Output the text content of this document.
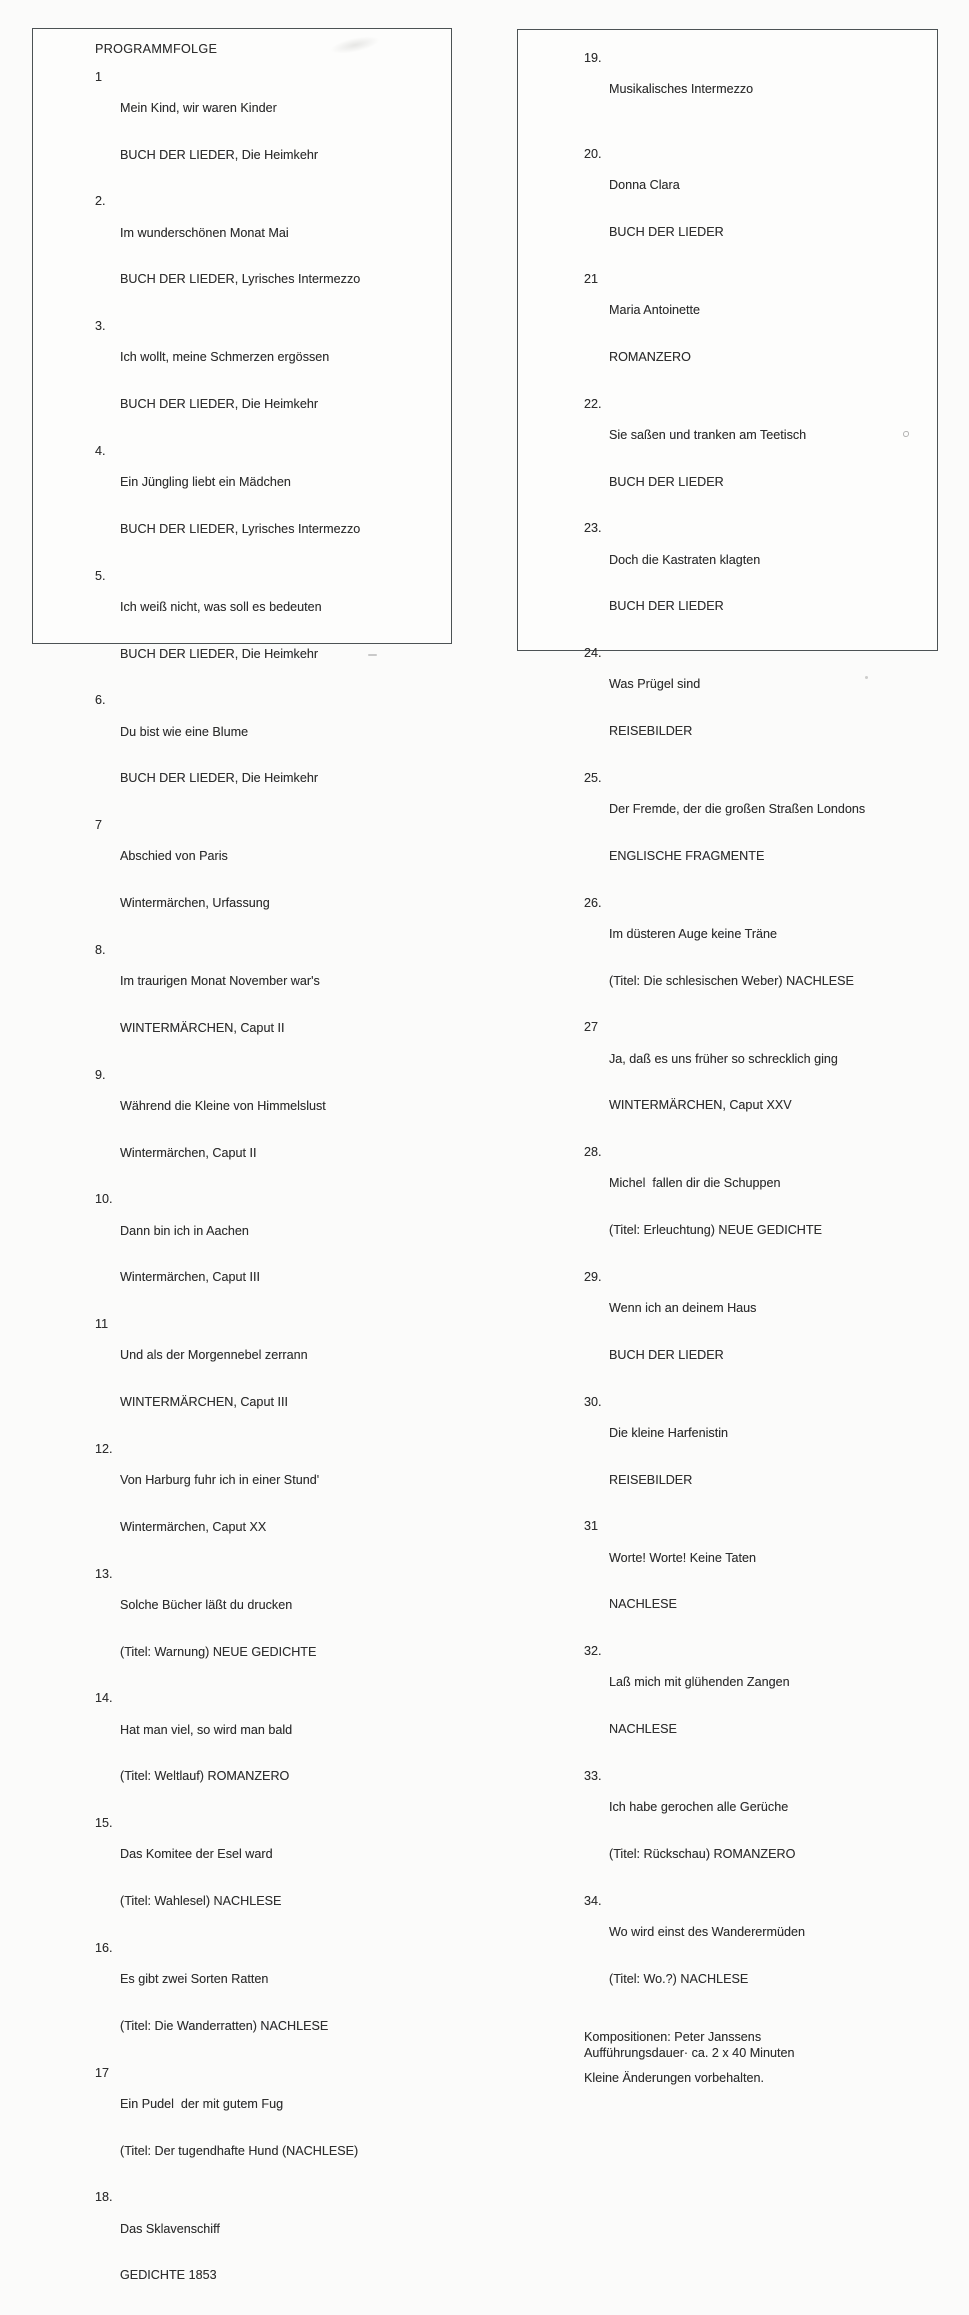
PROGRAMMFOLGE
1

Mein Kind, wir waren Kinder

BUCH DER LIEDER, Die Heimkehr

2.

Im wunderschönen Monat Mai

BUCH DER LIEDER, Lyrisches Intermezzo

3.

Ich wollt, meine Schmerzen ergössen

BUCH DER LIEDER, Die Heimkehr

4.

Ein Jüngling liebt ein Mädchen

BUCH DER LIEDER, Lyrisches Intermezzo

5.

Ich weiß nicht, was soll es bedeuten

BUCH DER LIEDER, Die Heimkehr

6.

Du bist wie eine Blume

BUCH DER LIEDER, Die Heimkehr

7

Abschied von Paris

Wintermärchen, Urfassung

8.

Im traurigen Monat November war's

WINTERMÄRCHEN, Caput II

9.

Während die Kleine von Himmelslust

Wintermärchen, Caput II

10.

Dann bin ich in Aachen

Wintermärchen, Caput III

11

Und als der Morgennebel zerrann

WINTERMÄRCHEN, Caput III

12.

Von Harburg fuhr ich in einer Stund'

Wintermärchen, Caput XX

13.

Solche Bücher läßt du drucken

(Titel: Warnung) NEUE GEDICHTE

14.

Hat man viel, so wird man bald

(Titel: Weltlauf) ROMANZERO

15.

Das Komitee der Esel ward

(Titel: Wahlesel) NACHLESE

16.

Es gibt zwei Sorten Ratten

(Titel: Die Wanderratten) NACHLESE

17

Ein Pudel  der mit gutem Fug

(Titel: Der tugendhafte Hund (NACHLESE)

18.

Das Sklavenschiff

GEDICHTE 1853

19.

Musikalisches Intermezzo

20.

Donna Clara

BUCH DER LIEDER

21

Maria Antoinette

ROMANZERO

22.

Sie saßen und tranken am Teetisch

BUCH DER LIEDER

23.

Doch die Kastraten klagten

BUCH DER LIEDER

24.

Was Prügel sind

REISEBILDER

25.

Der Fremde, der die großen Straßen Londons

ENGLISCHE FRAGMENTE

26.

Im düsteren Auge keine Träne

(Titel: Die schlesischen Weber) NACHLESE

27

Ja, daß es uns früher so schrecklich ging

WINTERMÄRCHEN, Caput XXV

28.

Michel  fallen dir die Schuppen

(Titel: Erleuchtung) NEUE GEDICHTE

29.

Wenn ich an deinem Haus

BUCH DER LIEDER

30.

Die kleine Harfenistin

REISEBILDER

31

Worte! Worte! Keine Taten

NACHLESE

32.

Laß mich mit glühenden Zangen

NACHLESE

33.

Ich habe gerochen alle Gerüche

(Titel: Rückschau) ROMANZERO

34.

Wo wird einst des Wanderermüden

(Titel: Wo.?) NACHLESE

Kompositionen: Peter Janssens
Aufführungsdauer· ca. 2 x 40 Minuten
Kleine Änderungen vorbehalten.
